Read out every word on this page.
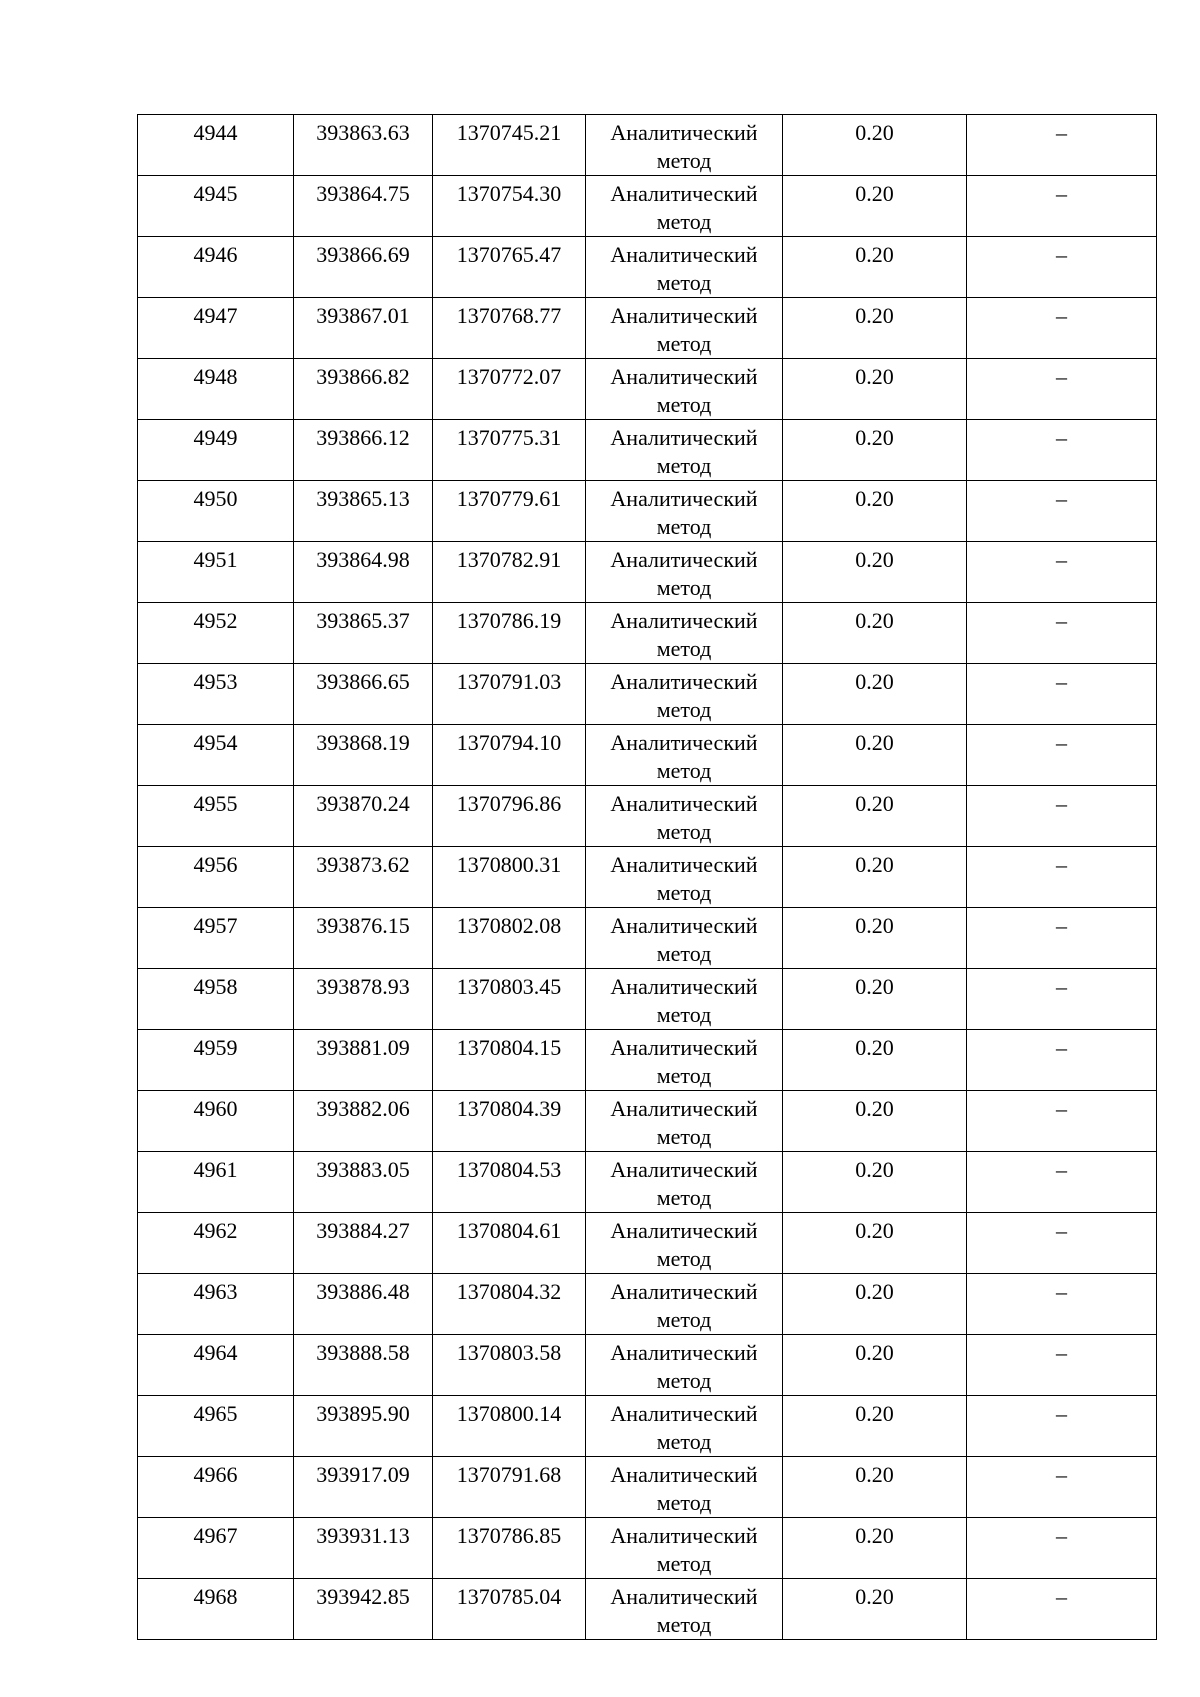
4944	393863.63	1370745.21	Аналитический метод	0.20	–
4945	393864.75	1370754.30	Аналитический метод	0.20	–
4946	393866.69	1370765.47	Аналитический метод	0.20	–
4947	393867.01	1370768.77	Аналитический метод	0.20	–
4948	393866.82	1370772.07	Аналитический метод	0.20	–
4949	393866.12	1370775.31	Аналитический метод	0.20	–
4950	393865.13	1370779.61	Аналитический метод	0.20	–
4951	393864.98	1370782.91	Аналитический метод	0.20	–
4952	393865.37	1370786.19	Аналитический метод	0.20	–
4953	393866.65	1370791.03	Аналитический метод	0.20	–
4954	393868.19	1370794.10	Аналитический метод	0.20	–
4955	393870.24	1370796.86	Аналитический метод	0.20	–
4956	393873.62	1370800.31	Аналитический метод	0.20	–
4957	393876.15	1370802.08	Аналитический метод	0.20	–
4958	393878.93	1370803.45	Аналитический метод	0.20	–
4959	393881.09	1370804.15	Аналитический метод	0.20	–
4960	393882.06	1370804.39	Аналитический метод	0.20	–
4961	393883.05	1370804.53	Аналитический метод	0.20	–
4962	393884.27	1370804.61	Аналитический метод	0.20	–
4963	393886.48	1370804.32	Аналитический метод	0.20	–
4964	393888.58	1370803.58	Аналитический метод	0.20	–
4965	393895.90	1370800.14	Аналитический метод	0.20	–
4966	393917.09	1370791.68	Аналитический метод	0.20	–
4967	393931.13	1370786.85	Аналитический метод	0.20	–
4968	393942.85	1370785.04	Аналитический метод	0.20	–
